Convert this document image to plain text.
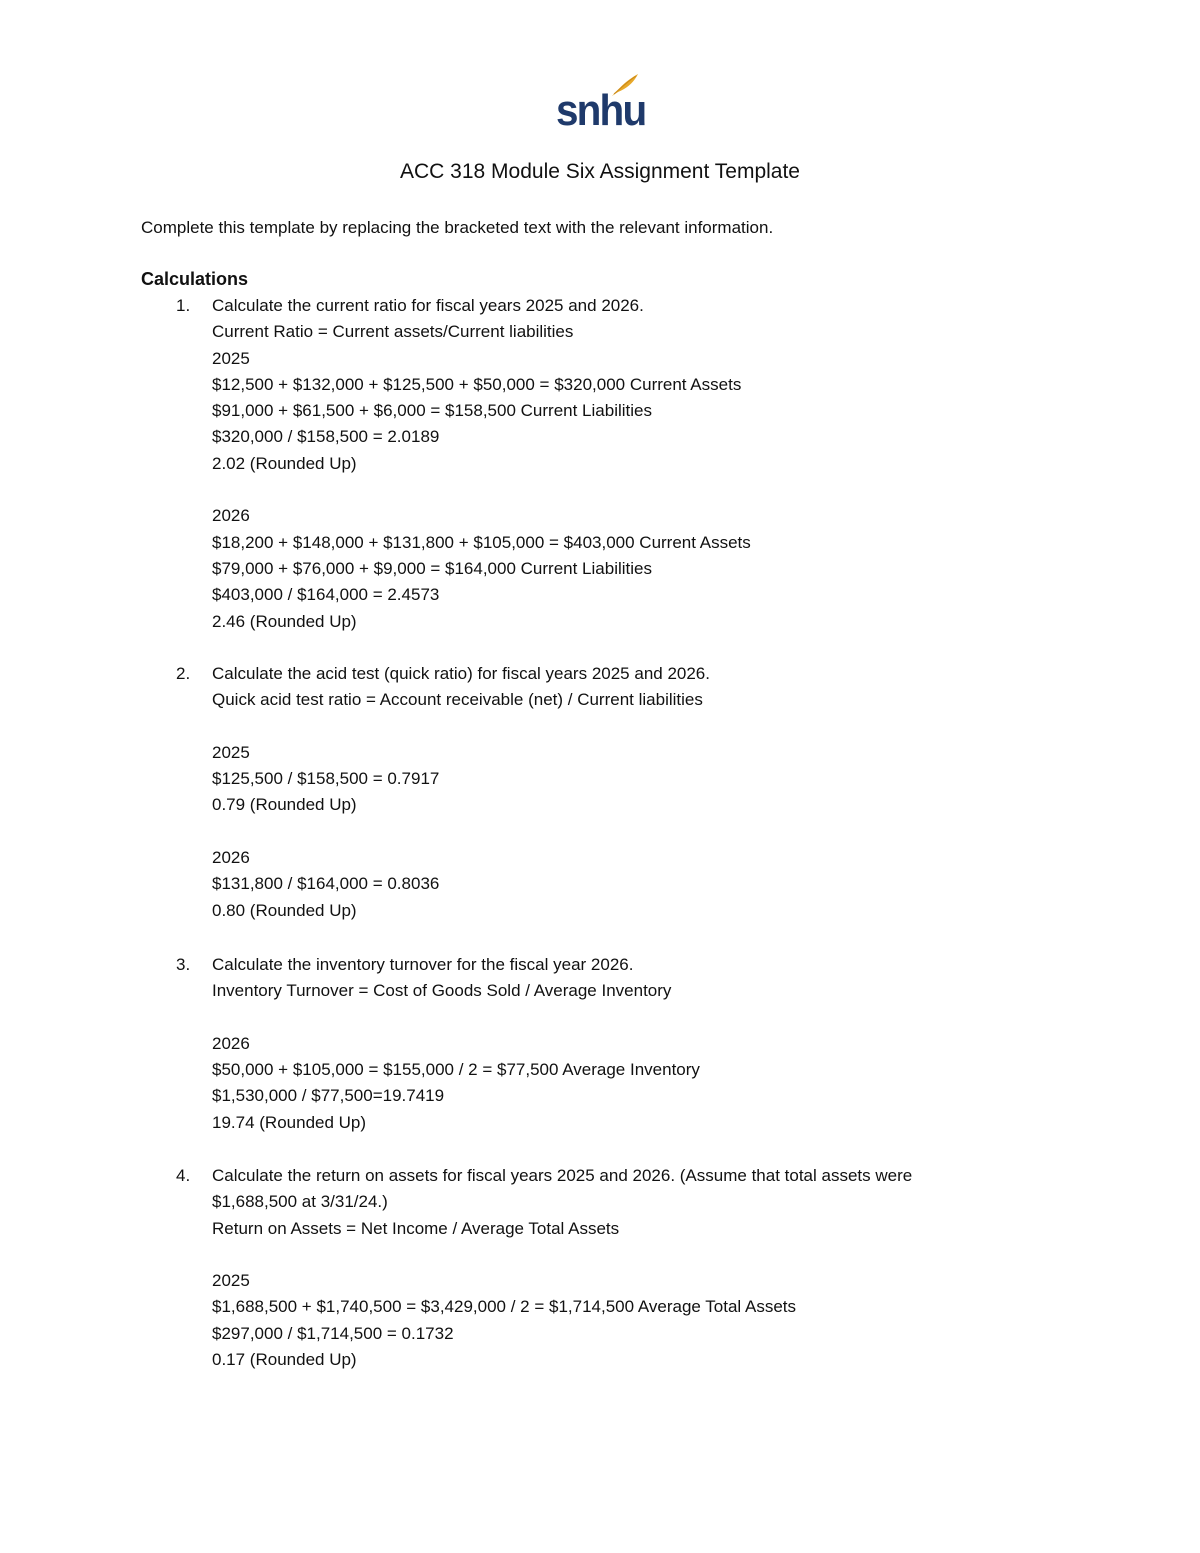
snhu
ACC 318 Module Six Assignment Template
Complete this template by replacing the bracketed text with the relevant information.
Calculations
1. Calculate the current ratio for fiscal years 2025 and 2026.
Current Ratio = Current assets/Current liabilities
2025
$12,500 + $132,000 + $125,500 + $50,000 = $320,000 Current Assets
$91,000 + $61,500 + $6,000 = $158,500 Current Liabilities
$320,000 / $158,500 = 2.0189
2.02 (Rounded Up)
2026
$18,200 + $148,000 + $131,800 + $105,000 = $403,000 Current Assets
$79,000 + $76,000 + $9,000 = $164,000 Current Liabilities
$403,000 / $164,000 = 2.4573
2.46 (Rounded Up)
2. Calculate the acid test (quick ratio) for fiscal years 2025 and 2026.
Quick acid test ratio = Account receivable (net) / Current liabilities
2025
$125,500 / $158,500 = 0.7917
0.79 (Rounded Up)
2026
$131,800 / $164,000 = 0.8036
0.80 (Rounded Up)
3. Calculate the inventory turnover for the fiscal year 2026.
Inventory Turnover = Cost of Goods Sold / Average Inventory
2026
$50,000 + $105,000 = $155,000 / 2 = $77,500 Average Inventory
$1,530,000 / $77,500=19.7419
19.74 (Rounded Up)
4. Calculate the return on assets for fiscal years 2025 and 2026. (Assume that total assets were
$1,688,500 at 3/31/24.)
Return on Assets = Net Income / Average Total Assets
2025
$1,688,500 + $1,740,500 = $3,429,000 / 2 = $1,714,500 Average Total Assets
$297,000 / $1,714,500 = 0.1732
0.17 (Rounded Up)
